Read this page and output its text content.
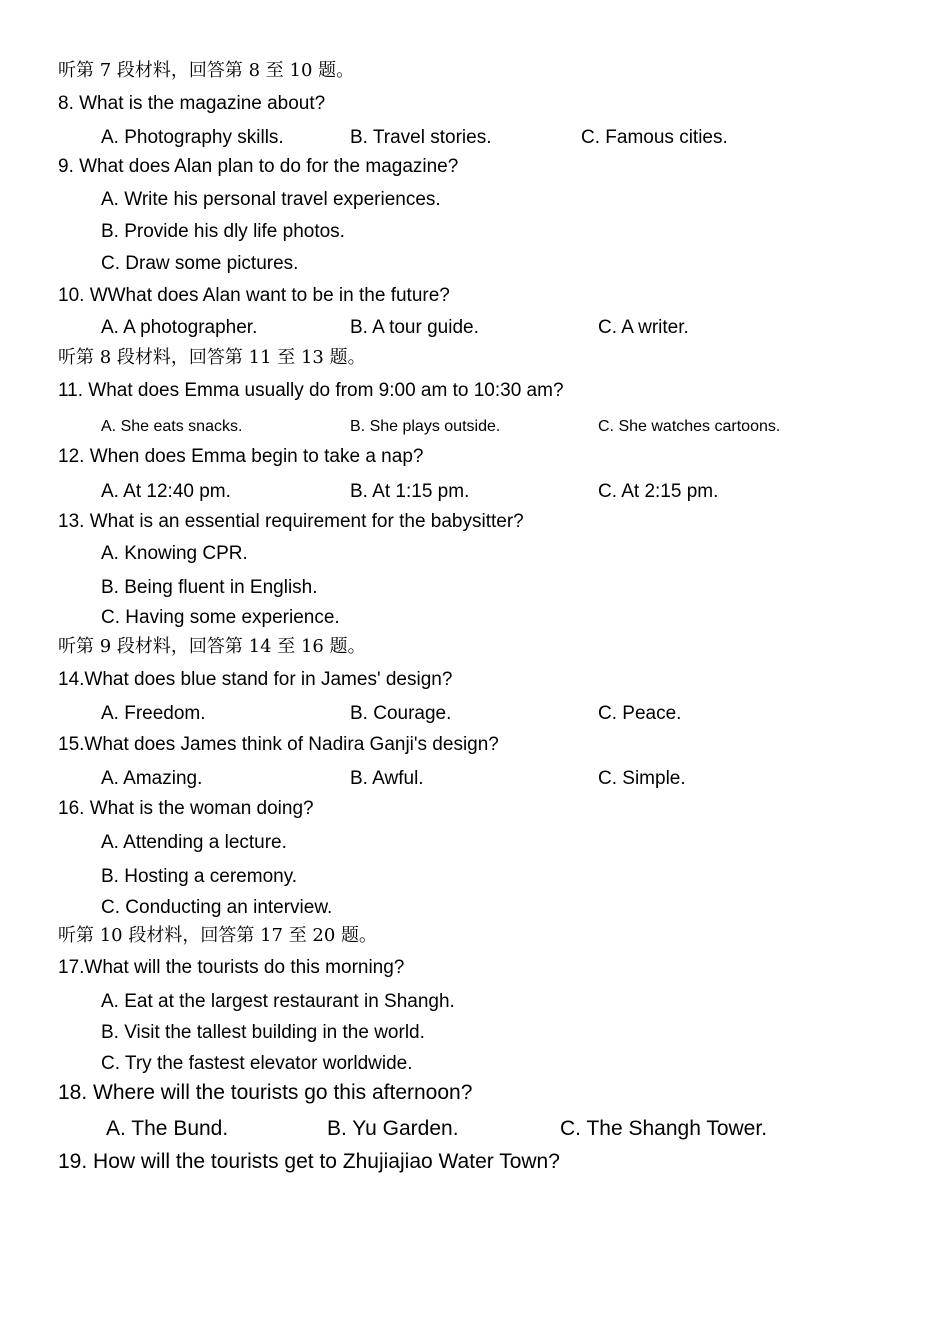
听第 7 段材料，回答第 8 至 10 题。
8. What is the magazine about?
A. Photography skills.	B. Travel stories.	C. Famous cities.
9. What does Alan plan to do for the magazine?
A. Write his personal travel experiences.
B. Provide his dly life photos.
C. Draw some pictures.
10. WWhat does Alan want to be in the future?
A. A photographer.	B. A tour guide.	C. A writer.
听第 8 段材料，回答第 11 至 13 题。
11. What does Emma usually do from 9:00 am to 10:30 am?
A. She eats snacks.	B. She plays outside.	C. She watches cartoons.
12. When does Emma begin to take a nap?
A. At 12:40 pm.	B. At 1:15 pm.	C. At 2:15 pm.
13. What is an essential requirement for the babysitter?
A. Knowing CPR.
B. Being fluent in English.
C. Having some experience.
听第 9 段材料，回答第 14 至 16 题。
14.What does blue stand for in James' design?
A. Freedom.	B. Courage.	C. Peace.
15.What does James think of Nadira Ganji's design?
A. Amazing.	B. Awful.	C. Simple.
16. What is the woman doing?
A. Attending a lecture.
B. Hosting a ceremony.
C. Conducting an interview.
听第 10 段材料，回答第 17 至 20 题。
17.What will the tourists do this morning?
A. Eat at the largest restaurant in Shangh.
B. Visit the tallest building in the world.
C. Try the fastest elevator worldwide.
18. Where will the tourists go this afternoon?
A. The Bund.	B. Yu Garden.	C. The Shangh Tower.
19. How will the tourists get to Zhujiajiao Water Town?
